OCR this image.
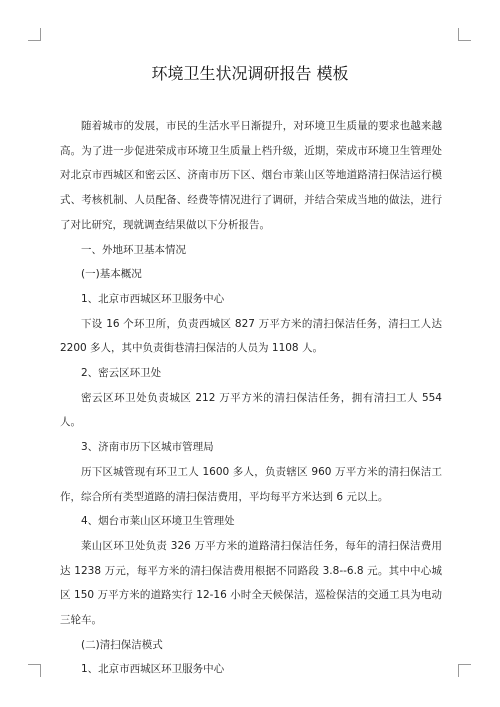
环境卫生状况调研报告 模板

随着城市的发展，市民的生活水平日渐提升，对环境卫生质量的要求也越来越高。为了进一步促进荣成市环境卫生质量上档升级，近期，荣成市环境卫生管理处对北京市西城区和密云区、济南市历下区、烟台市莱山区等地道路清扫保洁运行模式、考核机制、人员配备、经费等情况进行了调研，并结合荣成当地的做法，进行了对比研究，现就调查结果做以下分析报告。

一、外地环卫基本情况

(一)基本概况

1、北京市西城区环卫服务中心

下设 16 个环卫所，负责西城区 827 万平方米的清扫保洁任务，清扫工人达 2200 多人，其中负责街巷清扫保洁的人员为 1108 人。

2、密云区环卫处

密云区环卫处负责城区 212 万平方米的清扫保洁任务，拥有清扫工人 554 人。

3、济南市历下区城市管理局

历下区城管现有环卫工人 1600 多人，负责辖区 960 万平方米的清扫保洁工作，综合所有类型道路的清扫保洁费用，平均每平方米达到 6 元以上。

4、烟台市莱山区环境卫生管理处

莱山区环卫处负责 326 万平方米的道路清扫保洁任务，每年的清扫保洁费用达 1238 万元，每平方米的清扫保洁费用根据不同路段 3.8--6.8 元。其中中心城区 150 万平方米的道路实行 12-16 小时全天候保洁，巡检保洁的交通工具为电动三轮车。

(二)清扫保洁模式

1、北京市西城区环卫服务中心
